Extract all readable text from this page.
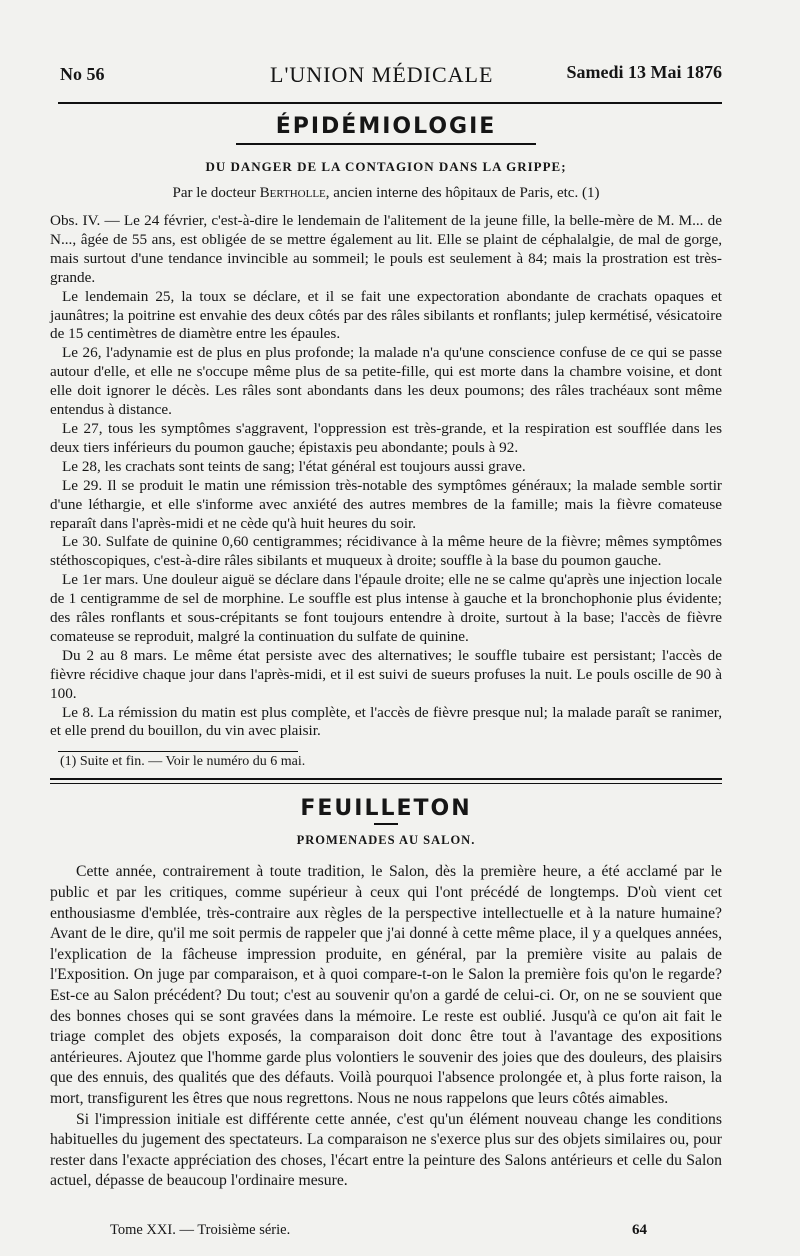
No 56	L'UNION MÉDICALE	Samedi 13 Mai 1876
ÉPIDÉMIOLOGIE
DU DANGER DE LA CONTAGION DANS LA GRIPPE;
Par le docteur Bertholle, ancien interne des hôpitaux de Paris, etc. (1)

Obs. IV. — Le 24 février, c'est-à-dire le lendemain de l'alitement de la jeune fille, la belle-mère de M. M... de N..., âgée de 55 ans, est obligée de se mettre également au lit. Elle se plaint de céphalalgie, de mal de gorge, mais surtout d'une tendance invincible au sommeil; le pouls est seulement à 84; mais la prostration est très-grande.

Le lendemain 25, la toux se déclare, et il se fait une expectoration abondante de crachats opaques et jaunâtres; la poitrine est envahie des deux côtés par des râles sibilants et ronflants; julep kermétisé, vésicatoire de 15 centimètres de diamètre entre les épaules.

Le 26, l'adynamie est de plus en plus profonde; la malade n'a qu'une conscience confuse de ce qui se passe autour d'elle, et elle ne s'occupe même plus de sa petite-fille, qui est morte dans la chambre voisine, et dont elle doit ignorer le décès. Les râles sont abondants dans les deux poumons; des râles trachéaux sont même entendus à distance.

Le 27, tous les symptômes s'aggravent, l'oppression est très-grande, et la respiration est soufflée dans les deux tiers inférieurs du poumon gauche; épistaxis peu abondante; pouls à 92.

Le 28, les crachats sont teints de sang; l'état général est toujours aussi grave.

Le 29. Il se produit le matin une rémission très-notable des symptômes généraux; la malade semble sortir d'une léthargie, et elle s'informe avec anxiété des autres membres de la famille; mais la fièvre comateuse reparaît dans l'après-midi et ne cède qu'à huit heures du soir.

Le 30. Sulfate de quinine 0,60 centigrammes; récidivance à la même heure de la fièvre; mêmes symptômes stéthoscopiques, c'est-à-dire râles sibilants et muqueux à droite; souffle à la base du poumon gauche.

Le 1er mars. Une douleur aiguë se déclare dans l'épaule droite; elle ne se calme qu'après une injection locale de 1 centigramme de sel de morphine. Le souffle est plus intense à gauche et la bronchophonie plus évidente; des râles ronflants et sous-crépitants se font toujours entendre à droite, surtout à la base; l'accès de fièvre comateuse se reproduit, malgré la continuation du sulfate de quinine.

Du 2 au 8 mars. Le même état persiste avec des alternatives; le souffle tubaire est persistant; l'accès de fièvre récidive chaque jour dans l'après-midi, et il est suivi de sueurs profuses la nuit. Le pouls oscille de 90 à 100.

Le 8. La rémission du matin est plus complète, et l'accès de fièvre presque nul; la malade paraît se ranimer, et elle prend du bouillon, du vin avec plaisir.

(1) Suite et fin. — Voir le numéro du 6 mai.
FEUILLETON
PROMENADES AU SALON.

Cette année, contrairement à toute tradition, le Salon, dès la première heure, a été acclamé par le public et par les critiques, comme supérieur à ceux qui l'ont précédé de longtemps. D'où vient cet enthousiasme d'emblée, très-contraire aux règles de la perspective intellectuelle et à la nature humaine? Avant de le dire, qu'il me soit permis de rappeler que j'ai donné à cette même place, il y a quelques années, l'explication de la fâcheuse impression produite, en général, par la première visite au palais de l'Exposition. On juge par comparaison, et à quoi compare-t-on le Salon la première fois qu'on le regarde? Est-ce au Salon précédent? Du tout; c'est au souvenir qu'on a gardé de celui-ci. Or, on ne se souvient que des bonnes choses qui se sont gravées dans la mémoire. Le reste est oublié. Jusqu'à ce qu'on ait fait le triage complet des objets exposés, la comparaison doit donc être tout à l'avantage des expositions antérieures. Ajoutez que l'homme garde plus volontiers le souvenir des joies que des douleurs, des plaisirs que des ennuis, des qualités que des défauts. Voilà pourquoi l'absence prolongée et, à plus forte raison, la mort, transfigurent les êtres que nous regrettons. Nous ne nous rappelons que leurs côtés aimables.

Si l'impression initiale est différente cette année, c'est qu'un élément nouveau change les conditions habituelles du jugement des spectateurs. La comparaison ne s'exerce plus sur des objets similaires ou, pour rester dans l'exacte appréciation des choses, l'écart entre la peinture des Salons antérieurs et celle du Salon actuel, dépasse de beaucoup l'ordinaire mesure.

Tome XXI. — Troisième série.	64
